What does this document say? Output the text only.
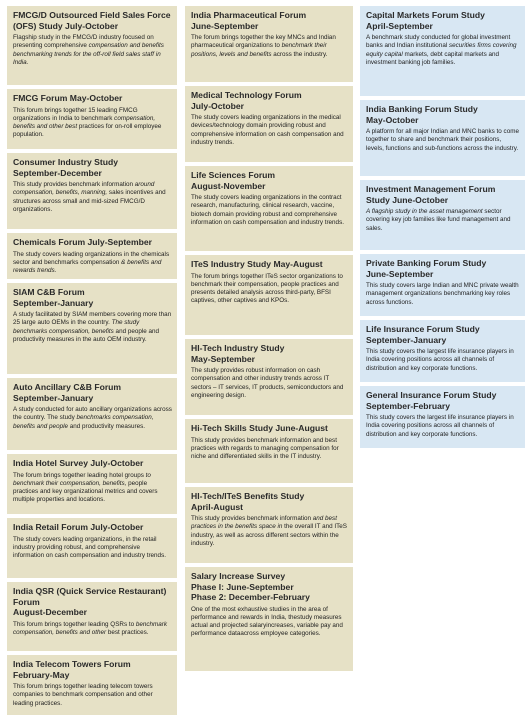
FMCG/D Outsourced Field Sales Force (OFS) Study July-October

Flagship study in the FMCG/D industry focused on presenting comprehensive compensation and benefits benchmarking trends for the off-roll field sales staff in India.

FMCG Forum May-October

This forum brings together 15 leading FMCG organizations in India to benchmark compensation, benefits and other best practices for on-roll employee population.

Consumer Industry Study
September-December

This study provides benchmark information around compensation, benefits, manning, sales incentives and structures across small and mid-sized FMCG/D organizations.

Chemicals Forum July-September

The study covers leading organizations in the chemicals sector and benchmarks compensation & benefits and rewards trends.

SIAM C&B Forum
September-January

A study facilitated by SIAM members covering more than 25 large auto OEMs in the country. The study benchmarks compensation, benefits and people and productivity measures in the auto OEM industry.

Auto Ancillary C&B Forum
September-January

A study conducted for auto ancillary organizations across the country. The study benchmarks compensation, benefits and people and productivity measures.

India Hotel Survey July-October

The forum brings together leading hotel groups to benchmark their compensation, benefits, people practices and key organizational metrics and covers multiple properties and locations.

India Retail Forum July-October

The study covers leading organizations, in the retail industry providing robust, and comprehensive information on cash compensation and industry trends.

India QSR (Quick Service Restaurant) Forum
August-December

This forum brings together leading QSRs to benchmark compensation, benefits and other best practices.

India Telecom Towers Forum
February-May

This forum brings together leading telecom towers companies to benchmark compensation and other leading practices.

India Pharmaceutical Forum
June-September

The forum brings together the key MNCs and Indian pharmaceutical organizations to benchmark their positions, levels and benefits across the industry.

Medical Technology Forum
July-October

The study covers leading organizations in the medical devices/technology domain providing robust and comprehensive information on cash compensation and industry trends.

Life Sciences Forum
August-November

The study covers leading organizations in the contract research, manufacturing, clinical research, vaccine, biotech domain providing robust and comprehensive information on cash compensation and industry trends.

ITeS Industry Study May-August

The forum brings together ITeS sector organizations to benchmark their compensation, people practices and presents detailed analysis across third-party, BFSI captives, other captives and KPOs.

HI-Tech Industry Study
May-September

The study provides robust information on cash compensation and other industry trends across IT sectors – IT services, IT products, semiconductors and engineering design.

Hi-Tech Skills Study June-August

This study provides benchmark information and best practices with regards to managing compensation for niche and differentiated skills in the IT industry.

HI-Tech/ITeS Benefits Study
April-August

This study provides benchmark information and best practices in the benefits space in the overall IT and ITeS industry, as well as across different sectors within the industry.

Salary Increase Survey
Phase I: June-September
Phase 2: December-February

One of the most exhaustive studies in the area of performance and rewards in India, thestudy measures actual and projected salaryincreases, variable pay and performance dataacross employee categories.

Capital Markets Forum Study
April-September

A benchmark study conducted for global investment banks and Indian institutional securities firms covering equity capital markets, debt capital markets and investment banking job families.

India Banking Forum Study
May-October

A platform for all major Indian and MNC banks to come together to share and benchmark their positions, levels, functions and sub-functions across the industry.

Investment Management Forum Study June-October

A flagship study in the asset management sector covering key job families like fund management and sales.

Private Banking Forum Study
June-September

This study covers large Indian and MNC private wealth management organizations benchmarking key roles across functions.

Life Insurance Forum Study
September-January

This study covers the largest life insurance players in India covering positions across all channels of distribution and key corporate functions.

General Insurance Forum Study
September-February

This study covers the largest life insurance players in India covering positions across all channels of distribution and key corporate functions.
